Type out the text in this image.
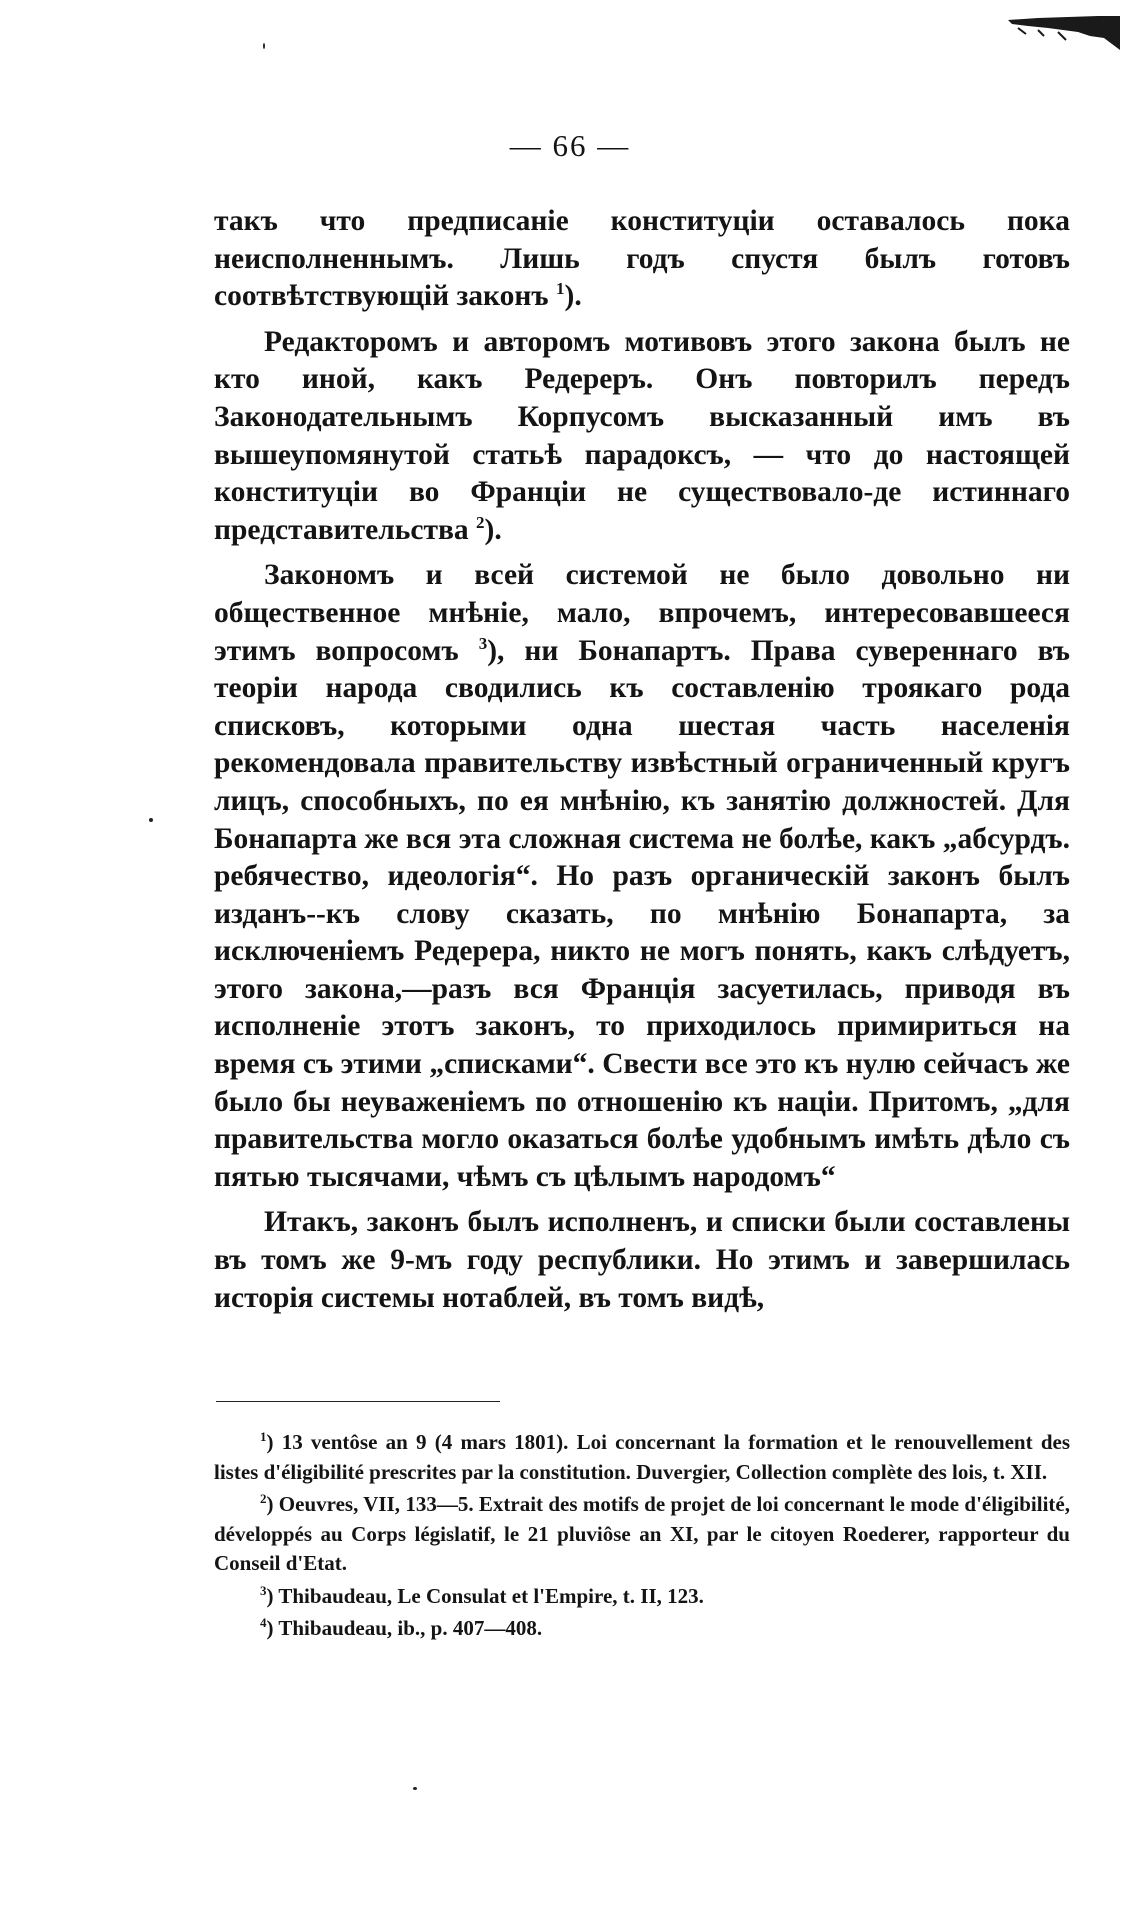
— 66 —

такъ что предписаніе конституціи оставалось пока неисполненнымъ. Лишь годъ спустя былъ готовъ соотвѣтствующій законъ $^1$).

Редакторомъ и авторомъ мотивовъ этого закона былъ не кто иной, какъ Редереръ. Онъ повторилъ передъ Законодательнымъ Корпусомъ высказанный имъ въ вышеупомянутой статьѣ парадоксъ, — что до настоящей конституціи во Франціи не существовало-де истиннаго представительства $^2$).

Закономъ и всей системой не было довольно ни общественное мнѣніе, мало, впрочемъ, интересовавшееся этимъ вопросомъ $^3$), ни Бонапартъ. Права сувереннаго въ теоріи народа сводились къ составленію троякаго рода списковъ, которыми одна шестая часть населенія рекомендовала правительству извѣстный ограниченный кругъ лицъ, способныхъ, по ея мнѣнію, къ занятію должностей. Для Бонапарта же вся эта сложная система не болѣе, какъ „абсурдъ. ребячество, идеологія“. Но разъ органическій законъ былъ изданъ--къ слову сказать, по мнѣнію Бонапарта, за исключеніемъ Редерера, никто не могъ понять, какъ слѣдуетъ, этого закона,—разъ вся Франція засуетилась, приводя въ исполненіе этотъ законъ, то приходилось примириться на время съ этими „списками“. Свести все это къ нулю сейчасъ же было бы неуваженіемъ по отношенію къ націи. Притомъ, „для правительства могло оказаться болѣе удобнымъ имѣть дѣло съ пятью тысячами, чѣмъ съ цѣлымъ народомъ“

Итакъ, законъ былъ исполненъ, и списки были составлены въ томъ же 9-мъ году республики. Но этимъ и завершилась исторія системы нотаблей, въ томъ видѣ,

$^1$) 13 ventôse an 9 (4 mars 1801). Loi concernant la formation et le renouvellement des listes d'éligibilité prescrites par la constitution. Duvergier, Collection complète des lois, t. XII.

$^2$) Oeuvres, VII, 133—5. Extrait des motifs de projet de loi concernant le mode d'éligibilité, développés au Corps législatif, le 21 pluviôse an XI, par le citoyen Roederer, rapporteur du Conseil d'Etat.

$^3$) Thibaudeau, Le Consulat et l'Empire, t. II, 123.

$^4$) Thibaudeau, ib., p. 407—408.
